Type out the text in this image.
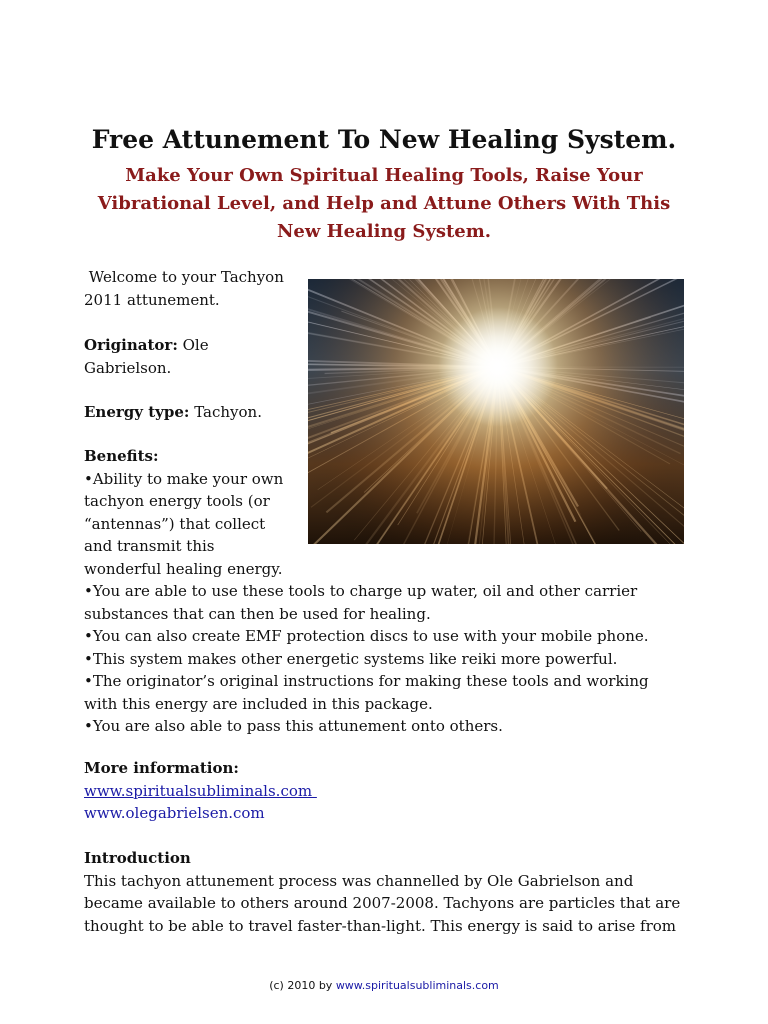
Free Attunement To New Healing System.
Make Your Own Spiritual Healing Tools, Raise Your
Vibrational Level, and Help and Attune Others With This
New Healing System.
Welcome to your Tachyon
2011 attunement.
Originator: Ole
Gabrielson.
Energy type: Tachyon.
Benefits:
•Ability to make your own
tachyon energy tools (or
“antennas”) that collect
and transmit this
wonderful healing energy.
•You are able to use these tools to charge up water, oil and other carrier
substances that can then be used for healing.
•You can also create EMF protection discs to use with your mobile phone.
•This system makes other energetic systems like reiki more powerful.
•The originator’s original instructions for making these tools and working
with this energy are included in this package.
•You are also able to pass this attunement onto others.
More information:
www.spiritualsubliminals.com
www.olegabrielsen.com
Introduction
This tachyon attunement process was channelled by Ole Gabrielson and
became available to others around 2007-2008. Tachyons are particles that are
thought to be able to travel faster-than-light. This energy is said to arise from
(c) 2010 by www.spiritualsubliminals.com
